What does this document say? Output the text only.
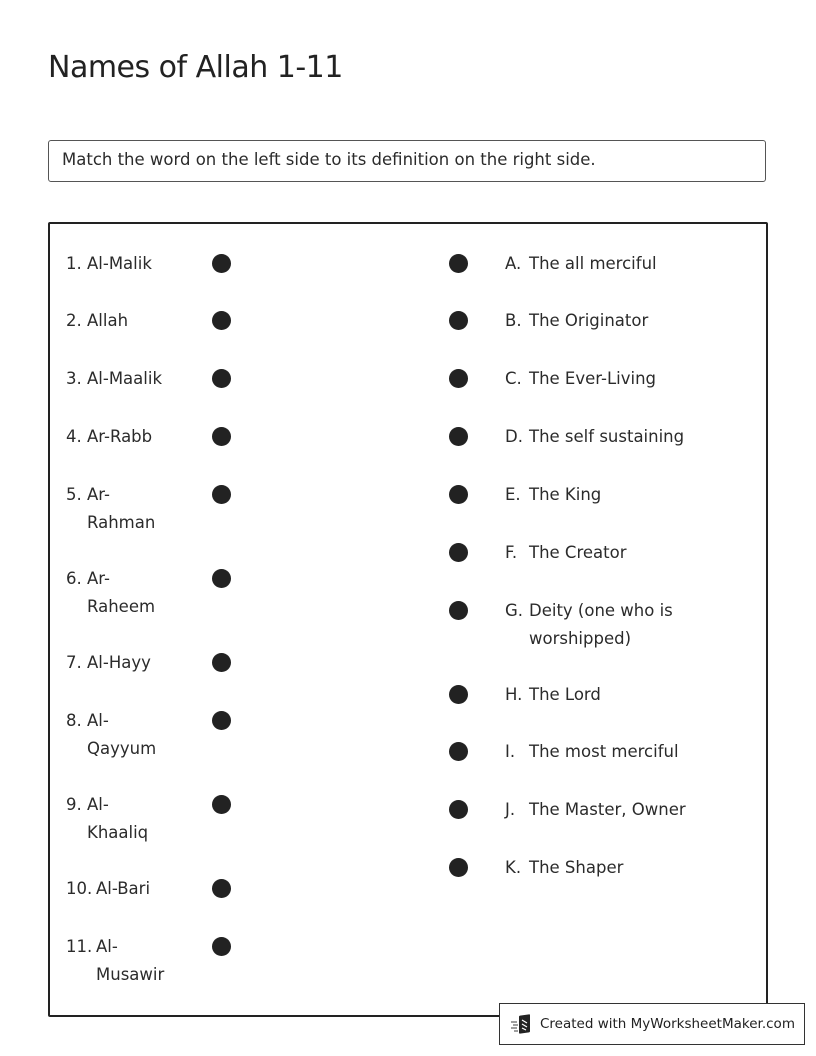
Names of Allah 1-11
Match the word on the left side to its definition on the right side.
1. Al-Malik
2. Allah
3. Al-Maalik
4. Ar-Rabb
5. Ar-
Rahman
6. Ar-
Raheem
7. Al-Hayy
8. Al-
Qayyum
9. Al-
Khaaliq
10. Al-Bari
11. Al-
Musawir
A. The all merciful
B. The Originator
C. The Ever-Living
D. The self sustaining
E. The King
F. The Creator
G. Deity (one who is
worshipped)
H. The Lord
I. The most merciful
J. The Master, Owner
K. The Shaper
Created with MyWorksheetMaker.com
